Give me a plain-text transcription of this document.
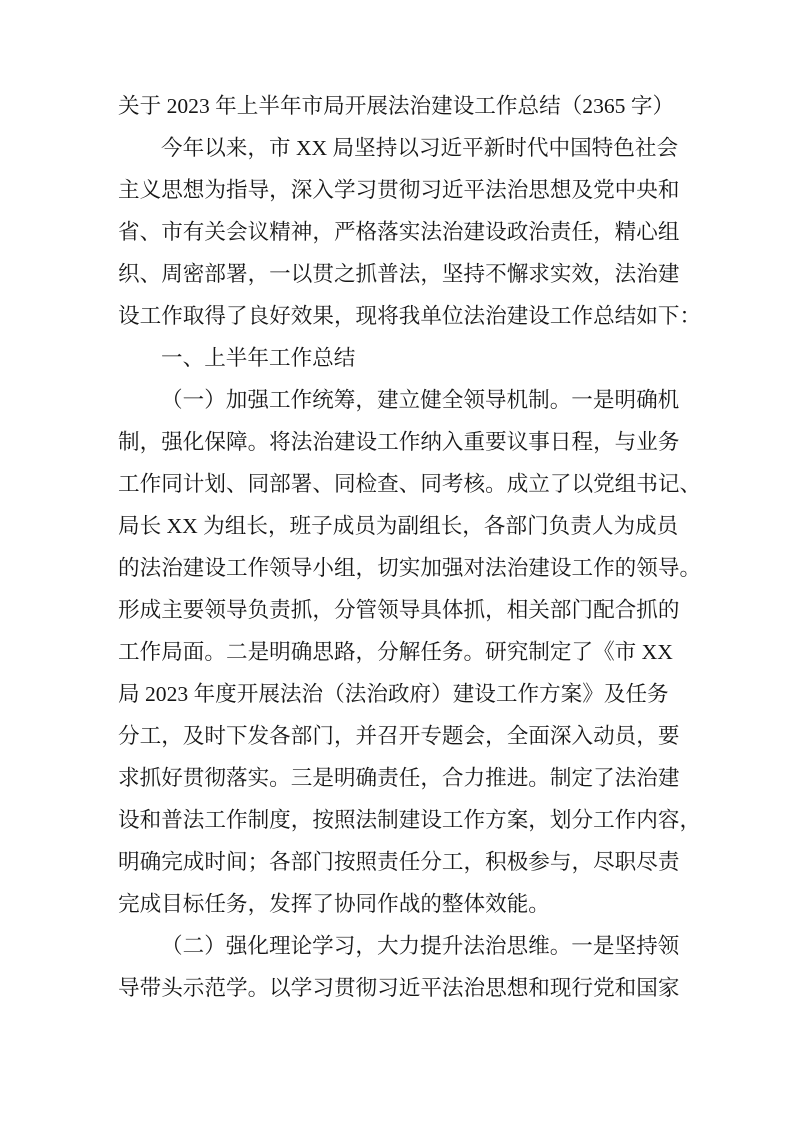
关于 2023 年上半年市局开展法治建设工作总结（2365 字）
今年以来，市 XX 局坚持以习近平新时代中国特色社会
主义思想为指导，深入学习贯彻习近平法治思想及党中央和
省、市有关会议精神，严格落实法治建设政治责任，精心组
织、周密部署，一以贯之抓普法，坚持不懈求实效，法治建
设工作取得了良好效果，现将我单位法治建设工作总结如下：
一、上半年工作总结
（一）加强工作统筹，建立健全领导机制。一是明确机
制，强化保障。将法治建设工作纳入重要议事日程，与业务
工作同计划、同部署、同检查、同考核。成立了以党组书记、
局长 XX 为组长，班子成员为副组长，各部门负责人为成员
的法治建设工作领导小组，切实加强对法治建设工作的领导。
形成主要领导负责抓，分管领导具体抓，相关部门配合抓的
工作局面。二是明确思路，分解任务。研究制定了《市 XX
局 2023 年度开展法治（法治政府）建设工作方案》及任务
分工，及时下发各部门，并召开专题会，全面深入动员，要
求抓好贯彻落实。三是明确责任，合力推进。制定了法治建
设和普法工作制度，按照法制建设工作方案，划分工作内容，
明确完成时间；各部门按照责任分工，积极参与，尽职尽责
完成目标任务，发挥了协同作战的整体效能。
（二）强化理论学习，大力提升法治思维。一是坚持领
导带头示范学。以学习贯彻习近平法治思想和现行党和国家
